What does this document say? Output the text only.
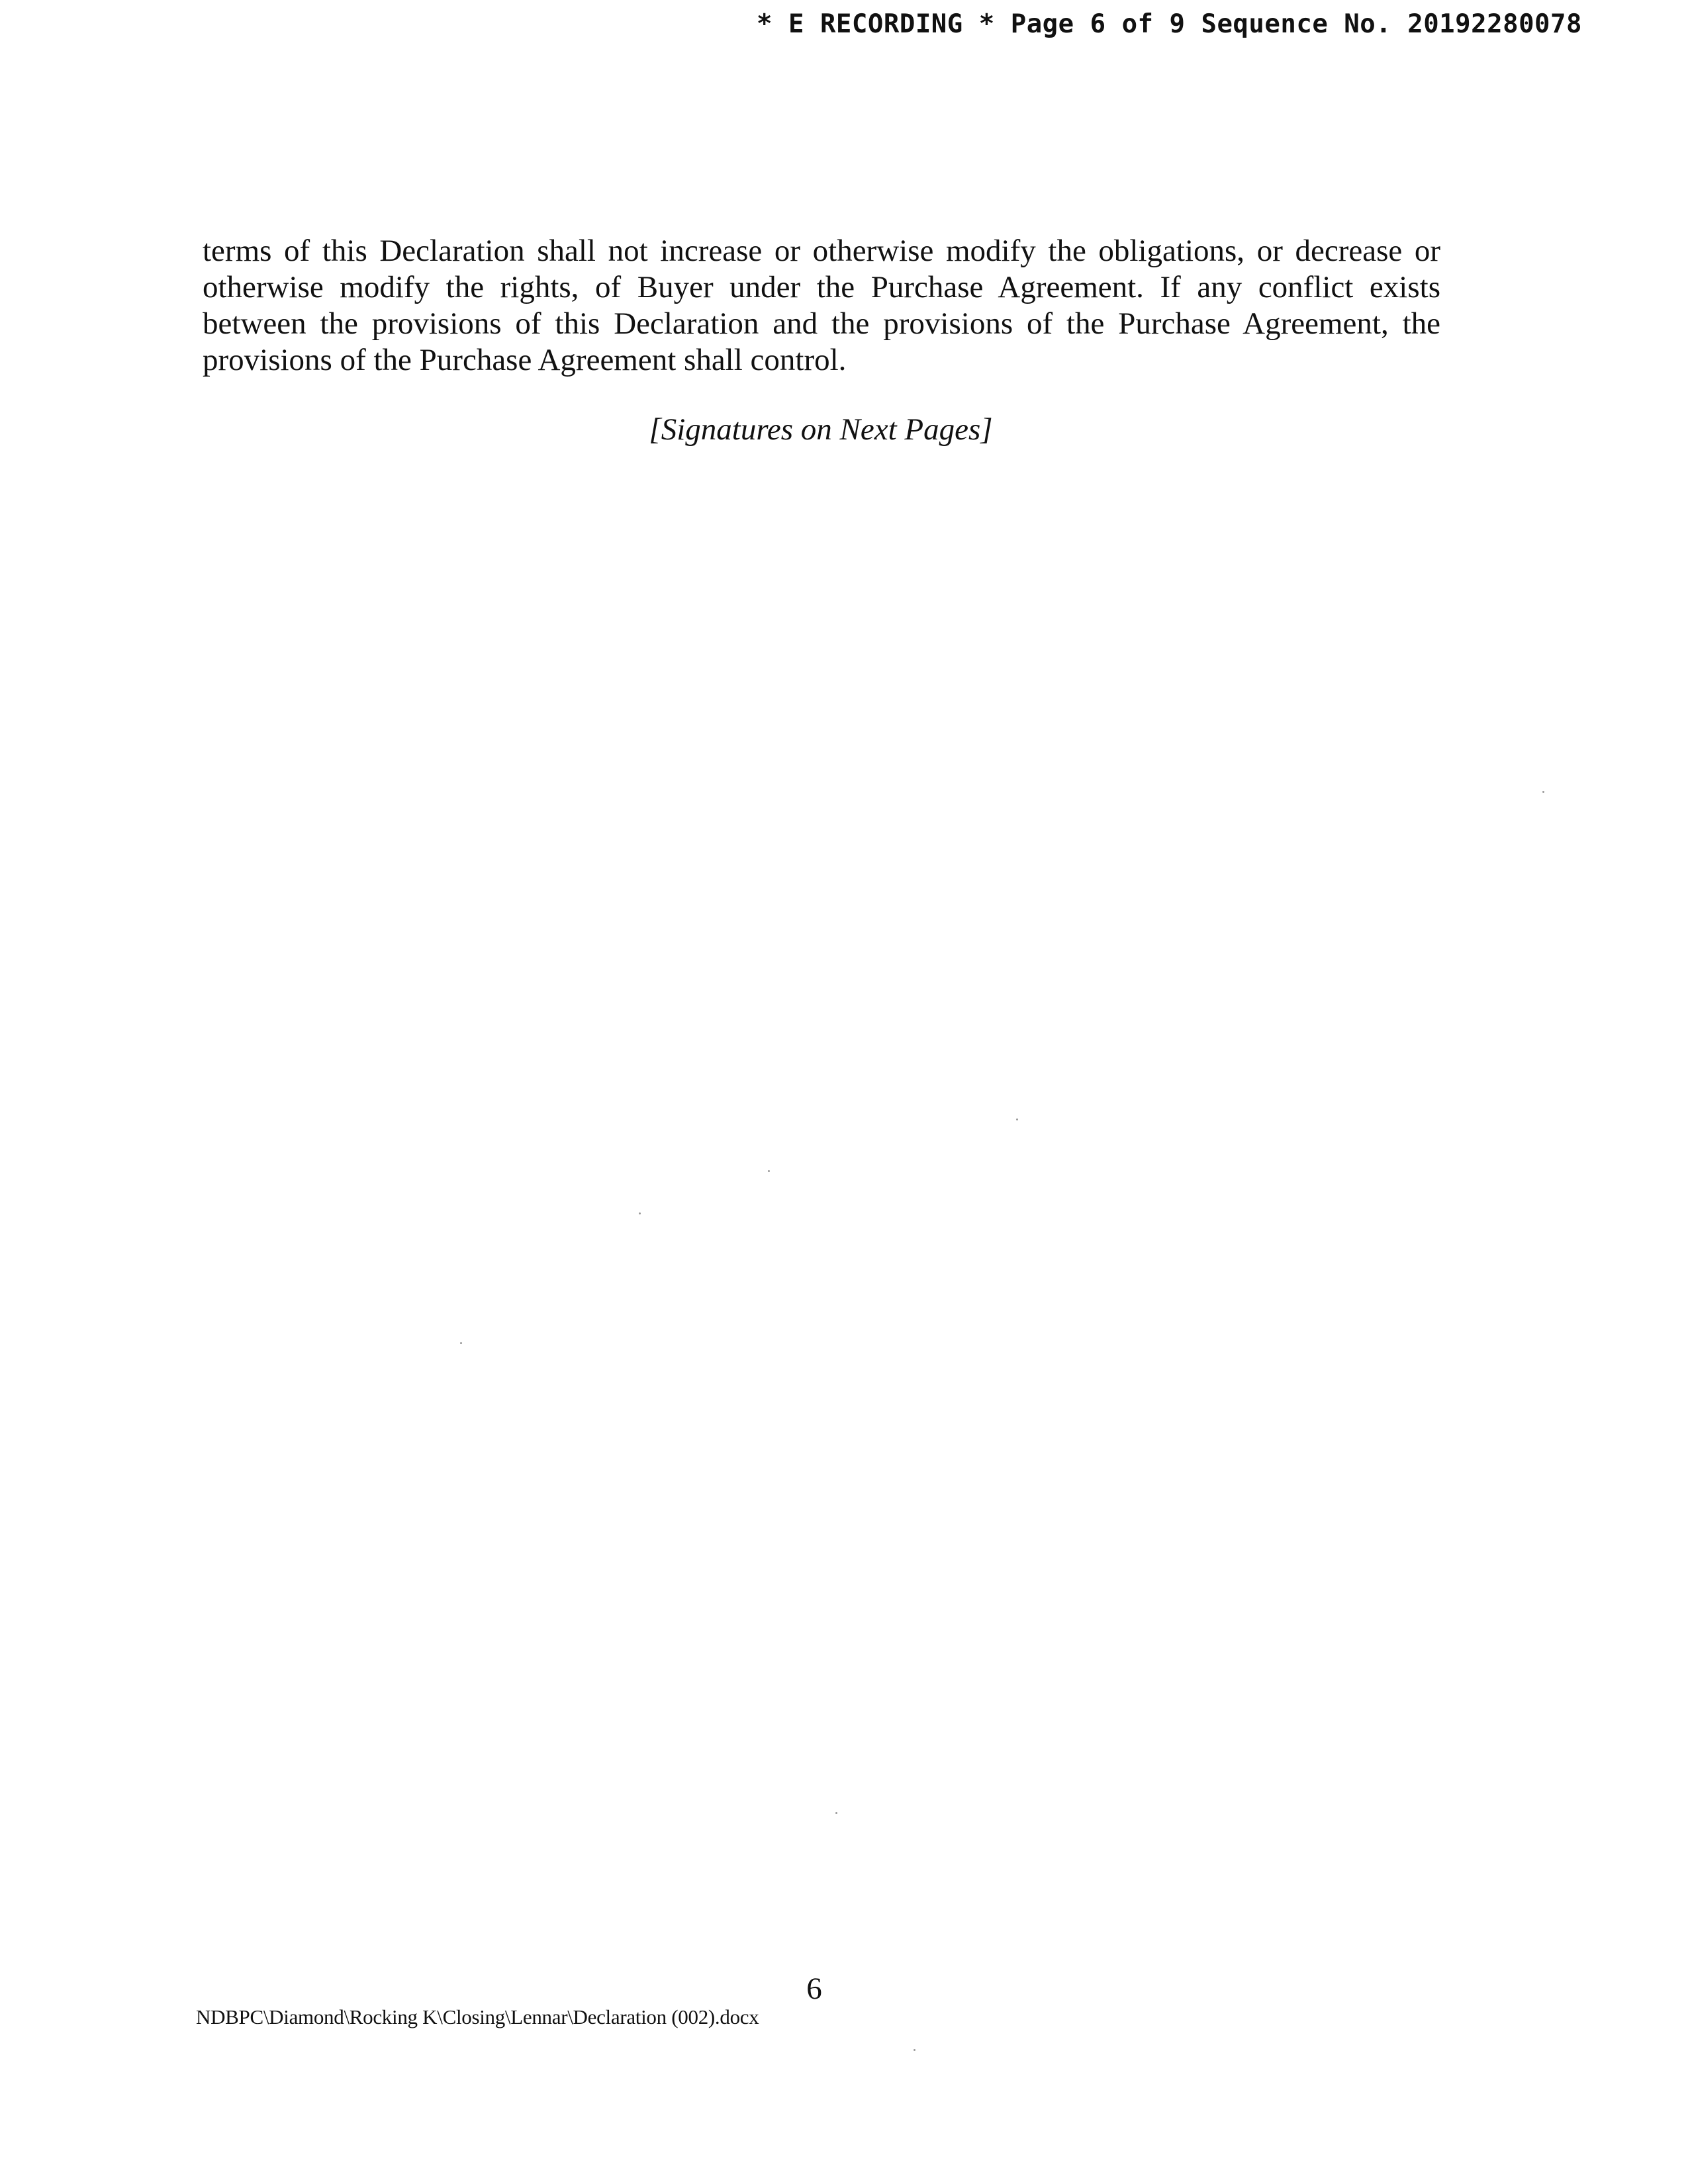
* E RECORDING * Page 6 of 9 Sequence No. 20192280078

terms of this Declaration shall not increase or otherwise modify the obligations, or decrease or otherwise modify the rights, of Buyer under the Purchase Agreement. If any conflict exists between the provisions of this Declaration and the provisions of the Purchase Agreement, the provisions of the Purchase Agreement shall control.

[Signatures on Next Pages]

6
NDBPC\Diamond\Rocking K\Closing\Lennar\Declaration (002).docx
